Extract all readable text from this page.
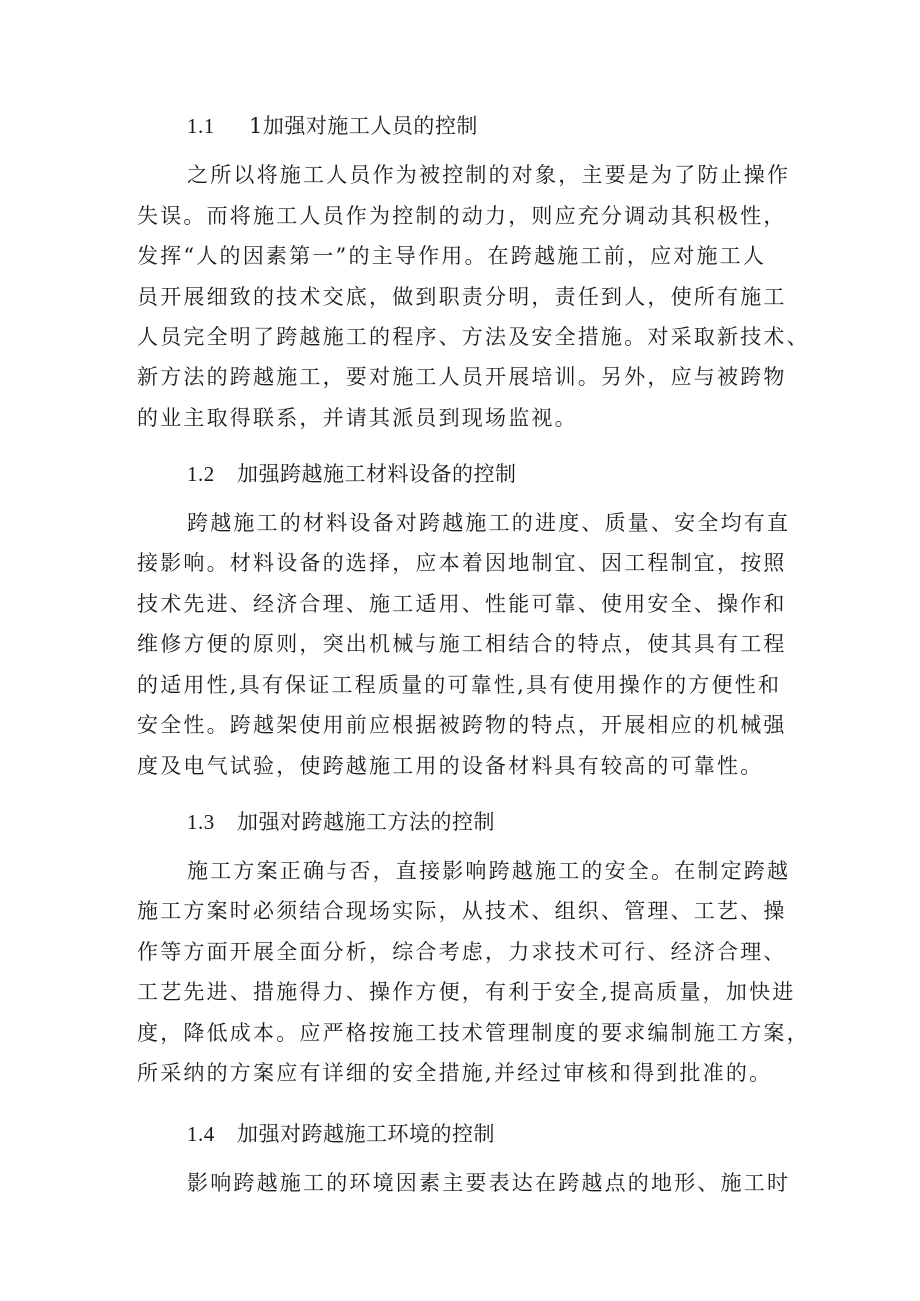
1.1 1加强对施工人员的控制
之所以将施工人员作为被控制的对象，主要是为了防止操作
失误。而将施工人员作为控制的动力，则应充分调动其积极性，
发挥“人的因素第一”的主导作用。在跨越施工前，应对施工人
员开展细致的技术交底，做到职责分明，责任到人，使所有施工
人员完全明了跨越施工的程序、方法及安全措施。对采取新技术、
新方法的跨越施工，要对施工人员开展培训。另外，应与被跨物
的业主取得联系，并请其派员到现场监视。
1.2 加强跨越施工材料设备的控制
跨越施工的材料设备对跨越施工的进度、质量、安全均有直
接影响。材料设备的选择，应本着因地制宜、因工程制宜，按照
技术先进、经济合理、施工适用、性能可靠、使用安全、操作和
维修方便的原则，突出机械与施工相结合的特点，使其具有工程
的适用性,具有保证工程质量的可靠性,具有使用操作的方便性和
安全性。跨越架使用前应根据被跨物的特点，开展相应的机械强
度及电气试验，使跨越施工用的设备材料具有较高的可靠性。
1.3 加强对跨越施工方法的控制
施工方案正确与否，直接影响跨越施工的安全。在制定跨越
施工方案时必须结合现场实际，从技术、组织、管理、工艺、操
作等方面开展全面分析，综合考虑，力求技术可行、经济合理、
工艺先进、措施得力、操作方便，有利于安全,提高质量，加快进
度，降低成本。应严格按施工技术管理制度的要求编制施工方案，
所采纳的方案应有详细的安全措施,并经过审核和得到批准的。
1.4 加强对跨越施工环境的控制
影响跨越施工的环境因素主要表达在跨越点的地形、施工时
